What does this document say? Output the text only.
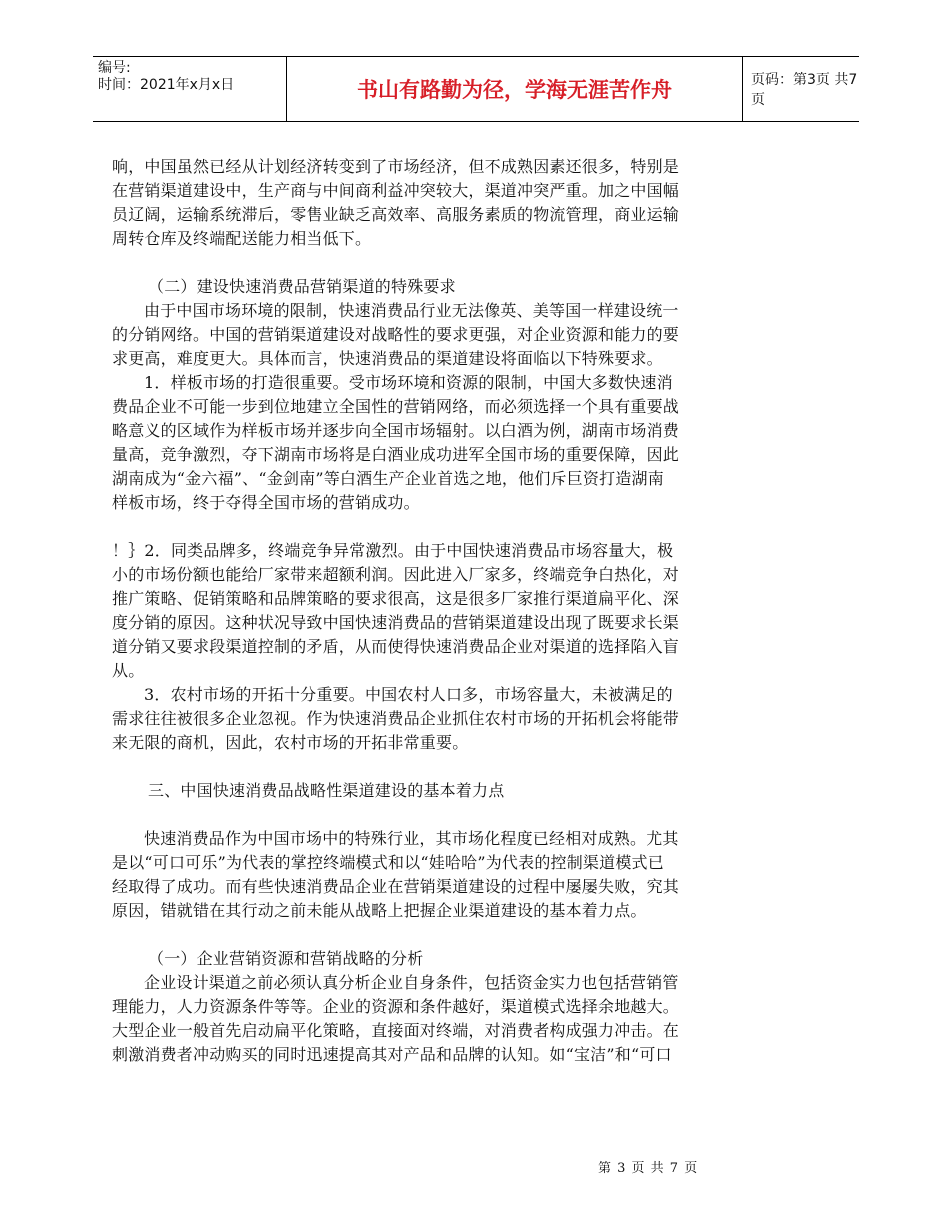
编号:
时间：2021年x月x日	书山有路勤为径，学海无涯苦作舟	页码：第3页 共7页
响，中国虽然已经从计划经济转变到了市场经济，但不成熟因素还很多，特别是
在营销渠道建设中，生产商与中间商利益冲突较大，渠道冲突严重。加之中国幅
员辽阔，运输系统滞后，零售业缺乏高效率、高服务素质的物流管理，商业运输
周转仓库及终端配送能力相当低下。
（二）建设快速消费品营销渠道的特殊要求
由于中国市场环境的限制，快速消费品行业无法像英、美等国一样建设统一
的分销网络。中国的营销渠道建设对战略性的要求更强，对企业资源和能力的要
求更高，难度更大。具体而言，快速消费品的渠道建设将面临以下特殊要求。
1．样板市场的打造很重要。受市场环境和资源的限制，中国大多数快速消
费品企业不可能一步到位地建立全国性的营销网络，而必须选择一个具有重要战
略意义的区域作为样板市场并逐步向全国市场辐射。以白酒为例，湖南市场消费
量高，竞争激烈，夺下湖南市场将是白酒业成功进军全国市场的重要保障，因此
湖南成为“金六福”、“金剑南”等白酒生产企业首选之地，他们斥巨资打造湖南
样板市场，终于夺得全国市场的营销成功。
！｝2．同类品牌多，终端竞争异常激烈。由于中国快速消费品市场容量大，极
小的市场份额也能给厂家带来超额利润。因此进入厂家多，终端竞争白热化，对
推广策略、促销策略和品牌策略的要求很高，这是很多厂家推行渠道扁平化、深
度分销的原因。这种状况导致中国快速消费品的营销渠道建设出现了既要求长渠
道分销又要求段渠道控制的矛盾，从而使得快速消费品企业对渠道的选择陷入盲
从。
3．农村市场的开拓十分重要。中国农村人口多，市场容量大，未被满足的
需求往往被很多企业忽视。作为快速消费品企业抓住农村市场的开拓机会将能带
来无限的商机，因此，农村市场的开拓非常重要。
三、中国快速消费品战略性渠道建设的基本着力点
快速消费品作为中国市场中的特殊行业，其市场化程度已经相对成熟。尤其
是以“可口可乐”为代表的掌控终端模式和以“娃哈哈”为代表的控制渠道模式已
经取得了成功。而有些快速消费品企业在营销渠道建设的过程中屡屡失败，究其
原因，错就错在其行动之前未能从战略上把握企业渠道建设的基本着力点。
（一）企业营销资源和营销战略的分析
企业设计渠道之前必须认真分析企业自身条件，包括资金实力也包括营销管
理能力，人力资源条件等等。企业的资源和条件越好，渠道模式选择余地越大。
大型企业一般首先启动扁平化策略，直接面对终端，对消费者构成强力冲击。在
刺激消费者冲动购买的同时迅速提高其对产品和品牌的认知。如“宝洁”和“可口
第 3 页 共 7 页
